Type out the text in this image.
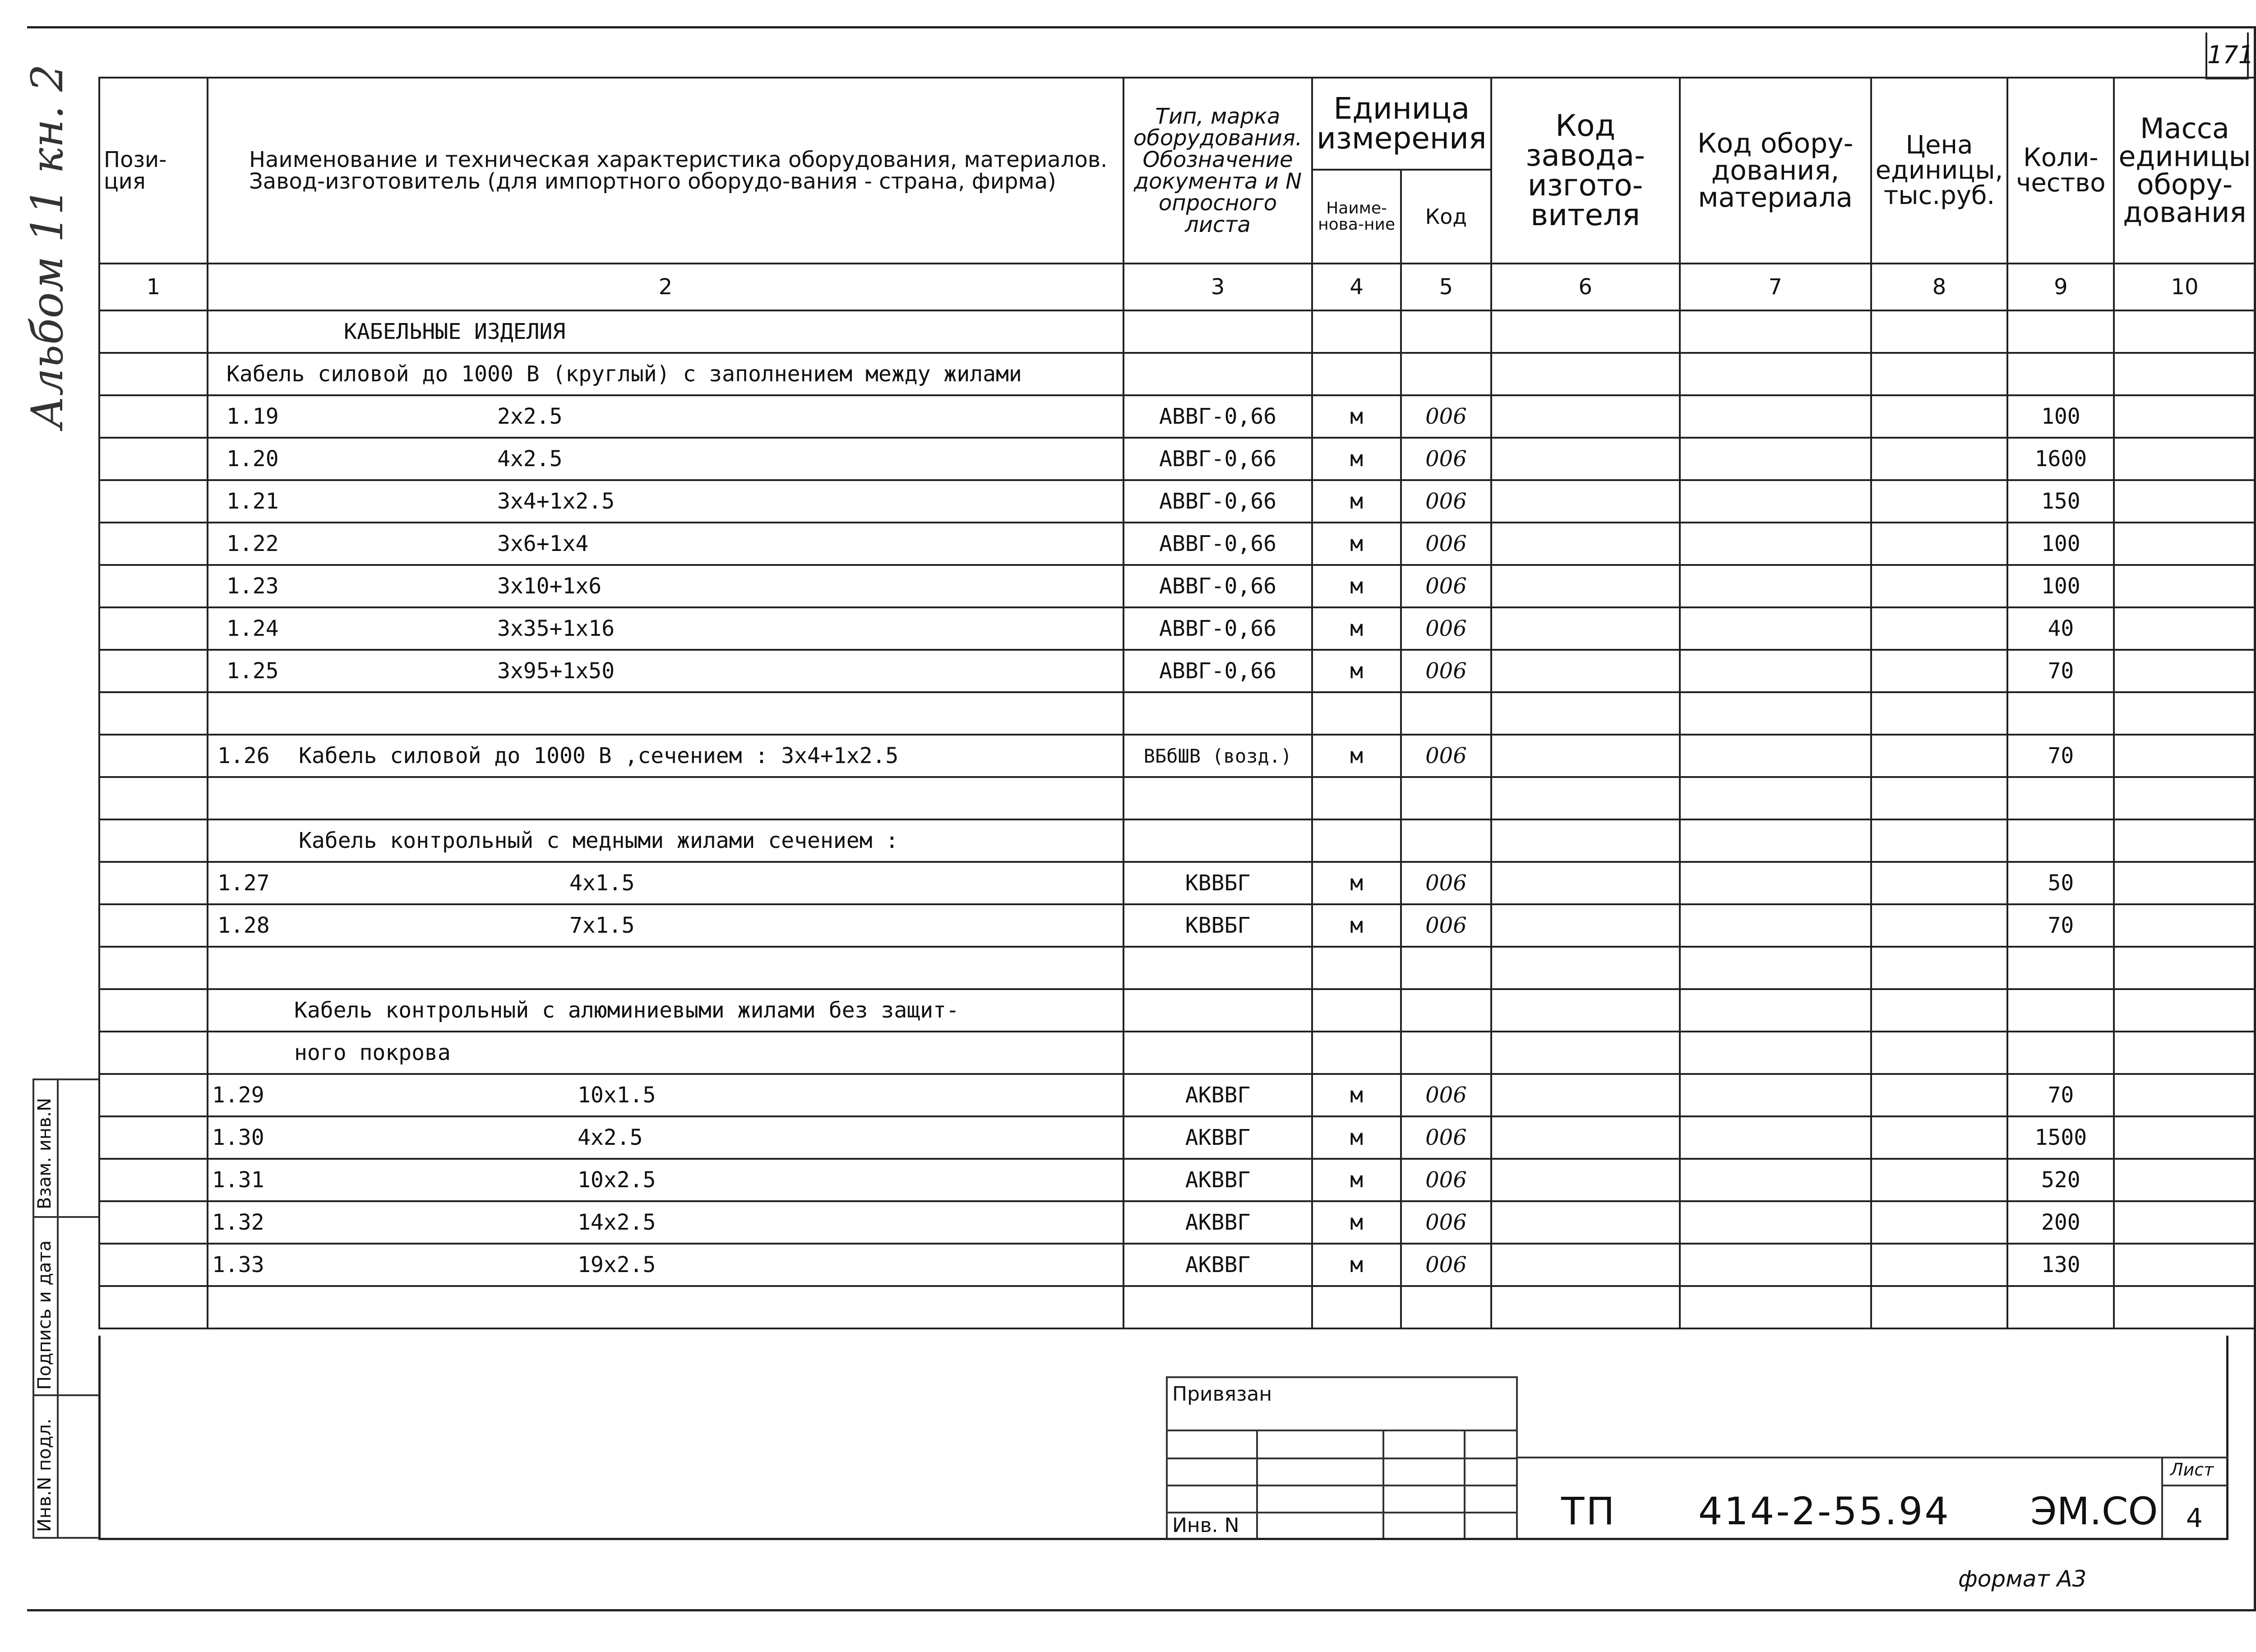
171
Альбом 11 кн. 2	Пози-ция	Наименование и техническая характеристика оборудования, материалов. Завод-изготовитель (для импортного оборудо-вания - страна, фирма)	Тип, марка оборудования. Обозначение документа и N опросного листа	Единица измерения		Код завода-изгото-вителя	Код обору-дования, материала	Цена единицы, тыс.руб.	Коли-чество	Масса единицы обору-дования
			Наиме-нова-ние	Код					
1	2	3	4	5	6	7	8	9	10
	КАБЕЛЬНЫЕ ИЗДЕЛИЯ								
	Кабель силовой до 1000 В (круглый) с заполнением между жилами								
	1.19 2х2.5	АВВГ-0,66	м	006				100	
	1.20 4х2.5	АВВГ-0,66	м	006				1600	
	1.21 3х4+1х2.5	АВВГ-0,66	м	006				150	
	1.22 3х6+1х4	АВВГ-0,66	м	006				100	
	1.23 3х10+1х6	АВВГ-0,66	м	006				100	
	1.24 3х35+1х16	АВВГ-0,66	м	006				40	
	1.25 3х95+1х50	АВВГ-0,66	м	006				70	

	1.26 Кабель силовой до 1000 В ,сечением : 3х4+1х2.5	ВБбШВ (возд.)	м	006				70	

	Кабель контрольный с медными жилами сечением :								
	1.27 4х1.5	КВВБГ	м	006				50	
	1.28 7х1.5	КВВБГ	м	006				70	

	Кабель контрольный с алюминиевыми жилами без защит-								
	ного покрова								
	1.29 10х1.5	АКВВГ	м	006				70	
	1.30 4х2.5	АКВВГ	м	006				1500	
	1.31 10х2.5	АКВВГ	м	006				520	
	1.32 14х2.5	АКВВГ	м	006				200	
	1.33 19х2.5	АКВВГ	м	006				130	

Взам. инв.N
Подпись и дата
Инв.N подл.
Привязан
Инв. N	ТП 414-2-55.94 ЭМ.СО
Лист
4
формат А3
